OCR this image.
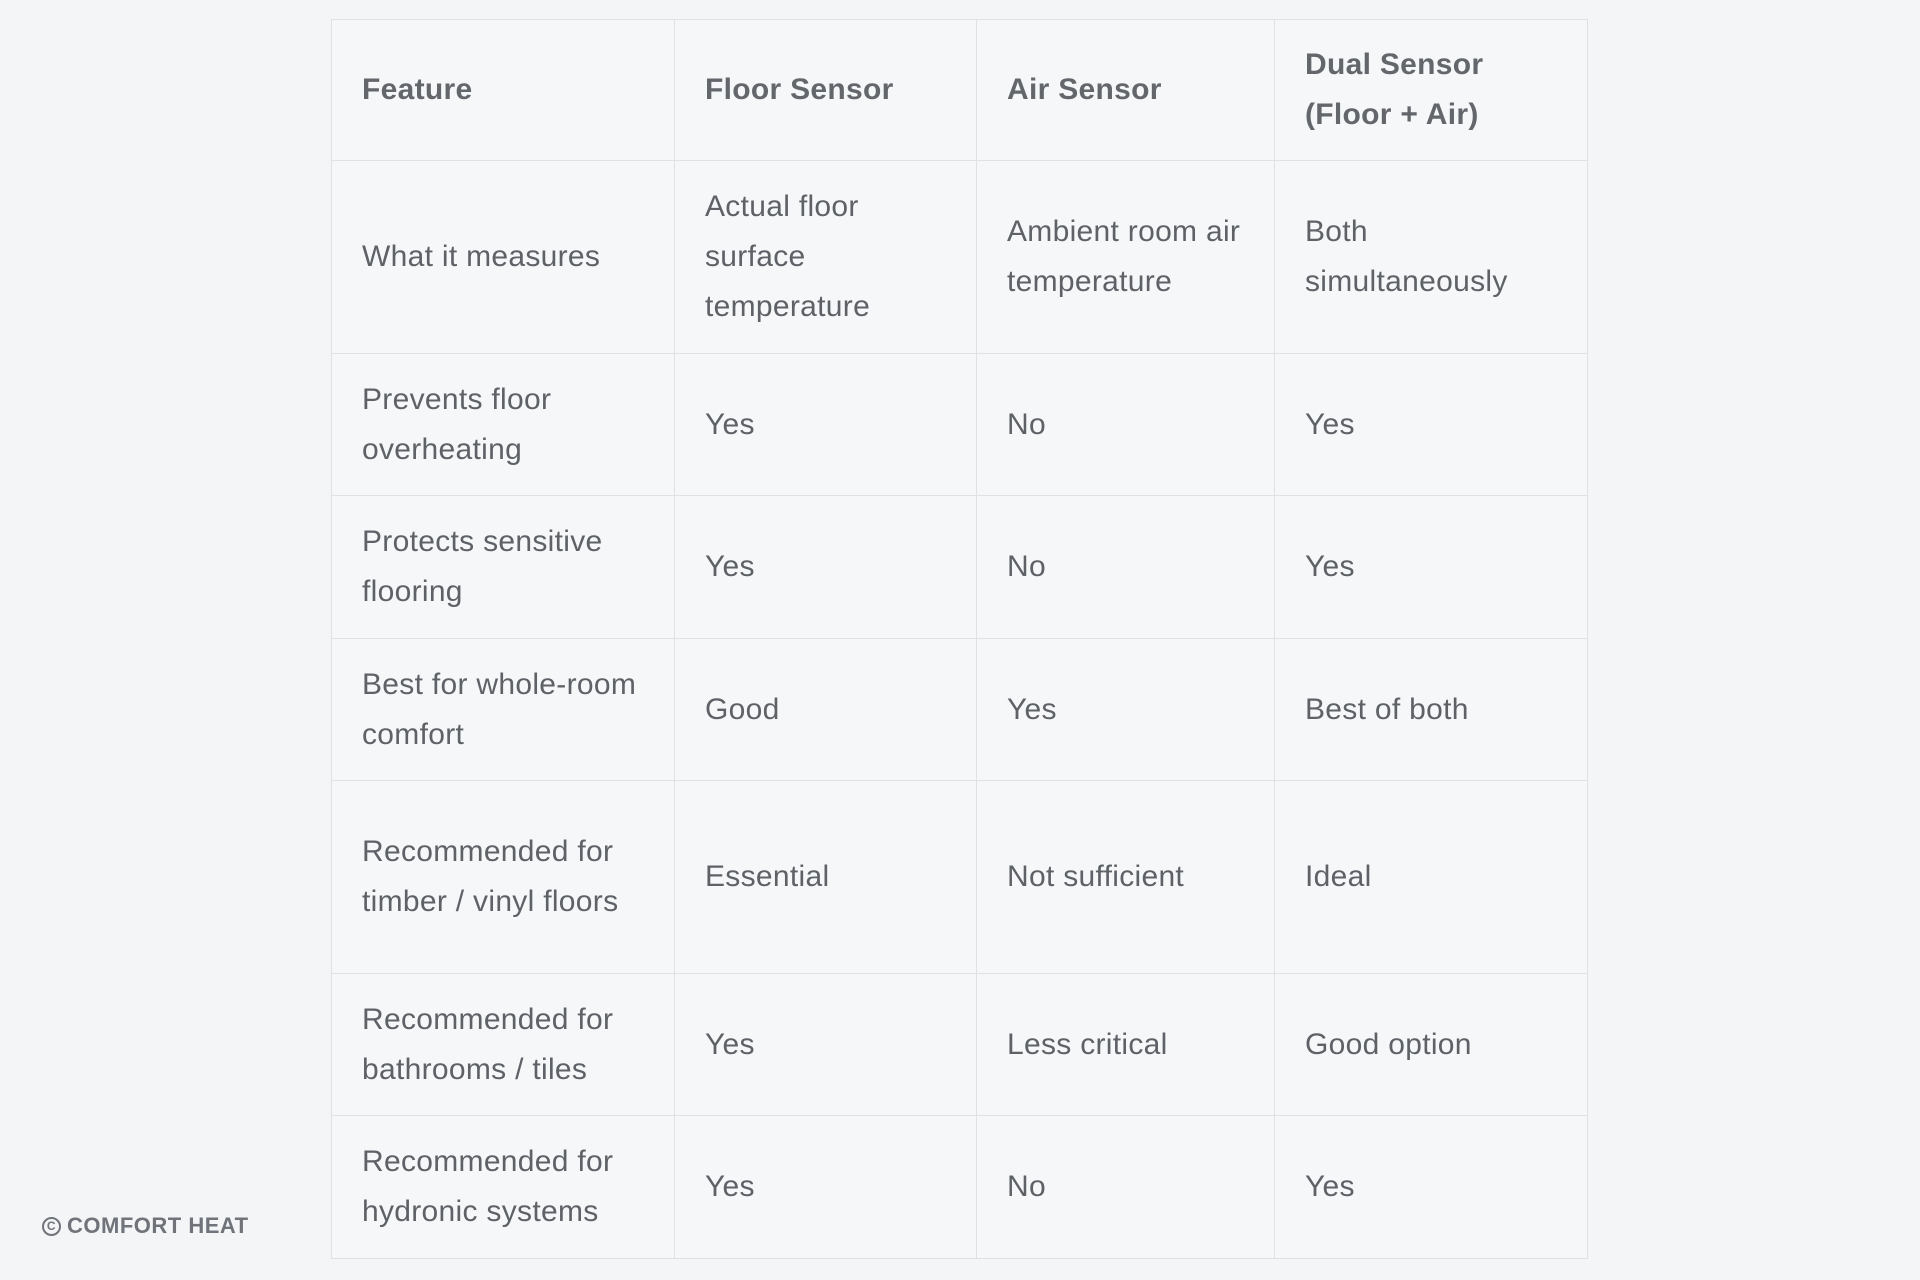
Feature	Floor Sensor	Air Sensor	Dual Sensor (Floor + Air)
What it measures	Actual floor surface temperature	Ambient room air temperature	Both simultaneously
Prevents floor overheating	Yes	No	Yes
Protects sensitive flooring	Yes	No	Yes
Best for whole-room comfort	Good	Yes	Best of both
Recommended for timber / vinyl floors	Essential	Not sufficient	Ideal
Recommended for bathrooms / tiles	Yes	Less critical	Good option
Recommended for hydronic systems	Yes	No	Yes
C COMFORT HEAT
